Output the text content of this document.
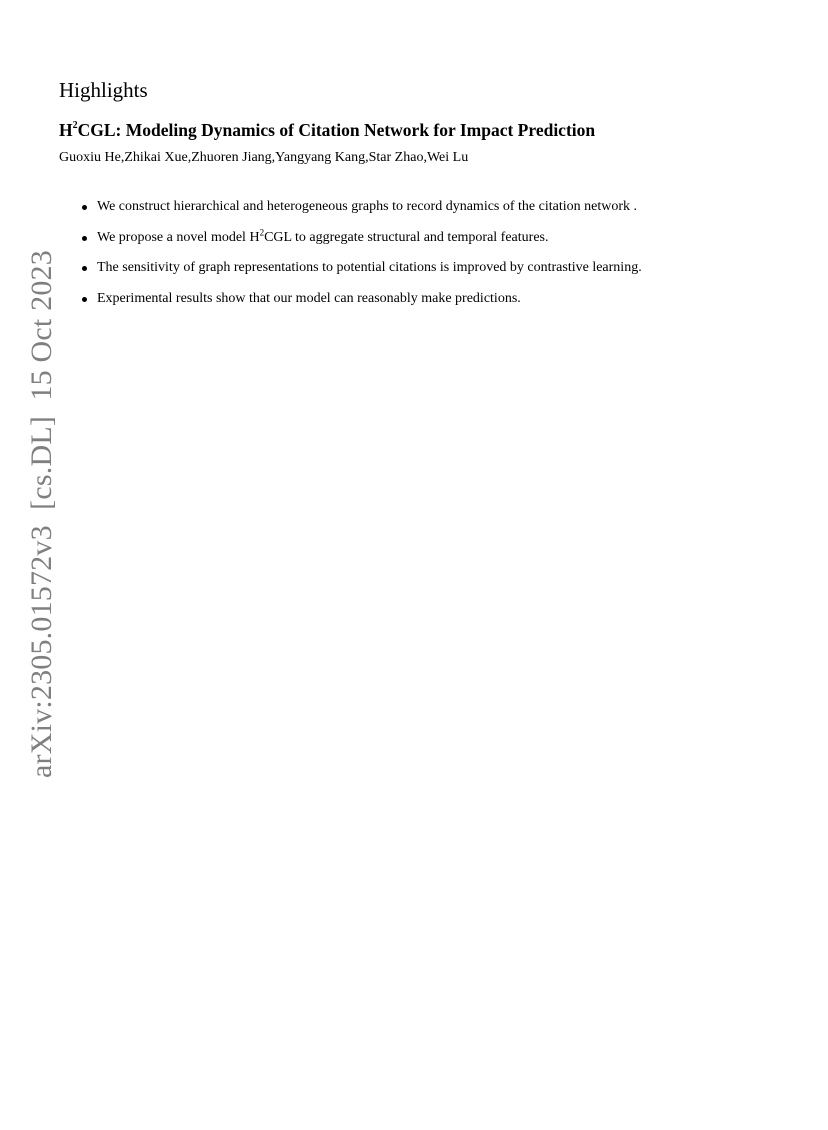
Highlights
$H^2CGL$: Modeling Dynamics of Citation Network for Impact Prediction
Guoxiu He,Zhikai Xue,Zhuoren Jiang,Yangyang Kang,Star Zhao,Wei Lu
We construct hierarchical and heterogeneous graphs to record dynamics of the citation network .
We propose a novel model $H^2CGL$ to aggregate structural and temporal features.
The sensitivity of graph representations to potential citations is improved by contrastive learning.
Experimental results show that our model can reasonably make predictions.
arXiv:2305.01572v3  [cs.DL]  15 Oct 2023
